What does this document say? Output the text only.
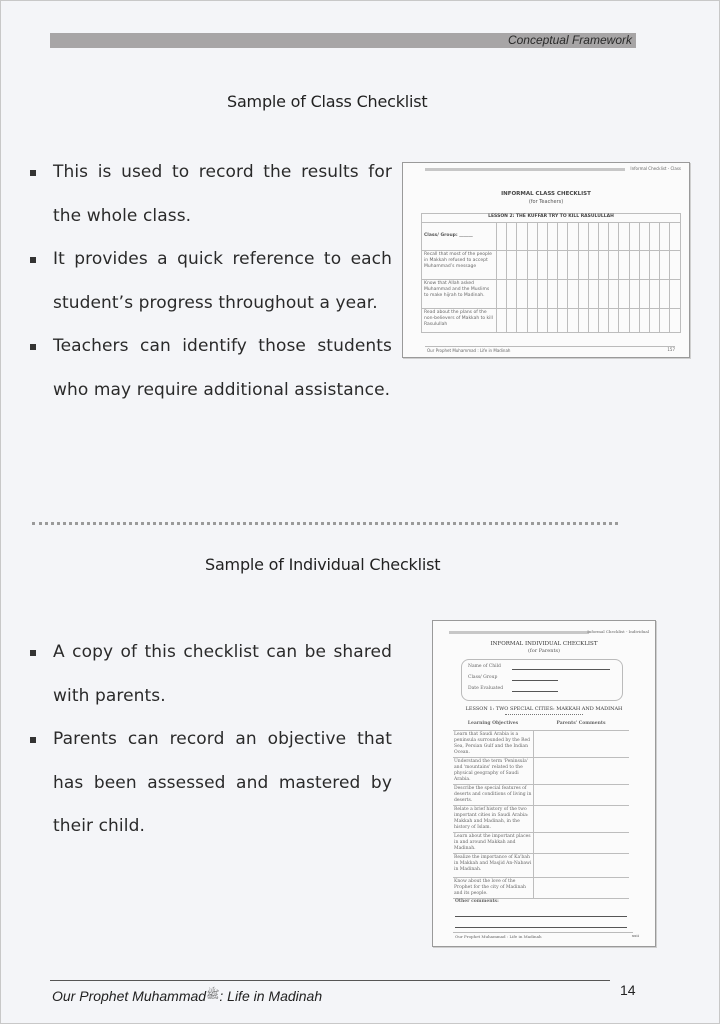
Conceptual Framework
Sample of Class Checklist
This is used to record the results for the whole class.
It provides a quick reference to each student’s progress throughout a year.
Teachers can identify those students who may require additional assistance.
Informal Checklist - Class
INFORMAL CLASS CHECKLIST
(for Teachers)
LESSON 2: THE KUFFAR TRY TO KILL RASULULLAH																		
Class/ Group: ______																		
Recall that most of the people in Makkah refused to accept Muhammad’s message																		
Know that Allah asked Muhammad and the Muslims to make hijrah to Madinah.																		
Read about the plans of the non-believers of Makkah to kill Rasulullah																		
Our Prophet Muhammad : Life in Madinah	157
Sample of Individual Checklist
A copy of this checklist can be shared with parents.
Parents can record an objective that has been assessed and mastered by their child.
Informal Checklist - Individual
INFORMAL INDIVIDUAL CHECKLIST
(for Parents)
Name of Child
Class/ Group
Date Evaluated
LESSON 1: TWO SPECIAL CITIES: MAKKAH AND MADINAH
Learning Objectives	Parents' Comments
Learn that Saudi Arabia is a peninsula surrounded by the Red Sea, Persian Gulf and the Indian Ocean.	
Understand the term 'Peninsula' and 'mountains' related to the physical geography of Saudi Arabia.	
Describe the special features of deserts and conditions of living in deserts.	
Relate a brief history of the two important cities in Saudi Arabia: Makkah and Madinah, in the history of Islam.	
Learn about the important places in and around Makkah and Madinah.	
Realize the importance of Ka'bah in Makkah and Masjid An-Nabawi in Madinah.	
Know about the love of the Prophet for the city of Madinah and its people.	
Other comments:
Our Prophet Muhammad : Life in Madinah	xxii
Our Prophet Muhammad$^ﷺ$: Life in Madinah	14
